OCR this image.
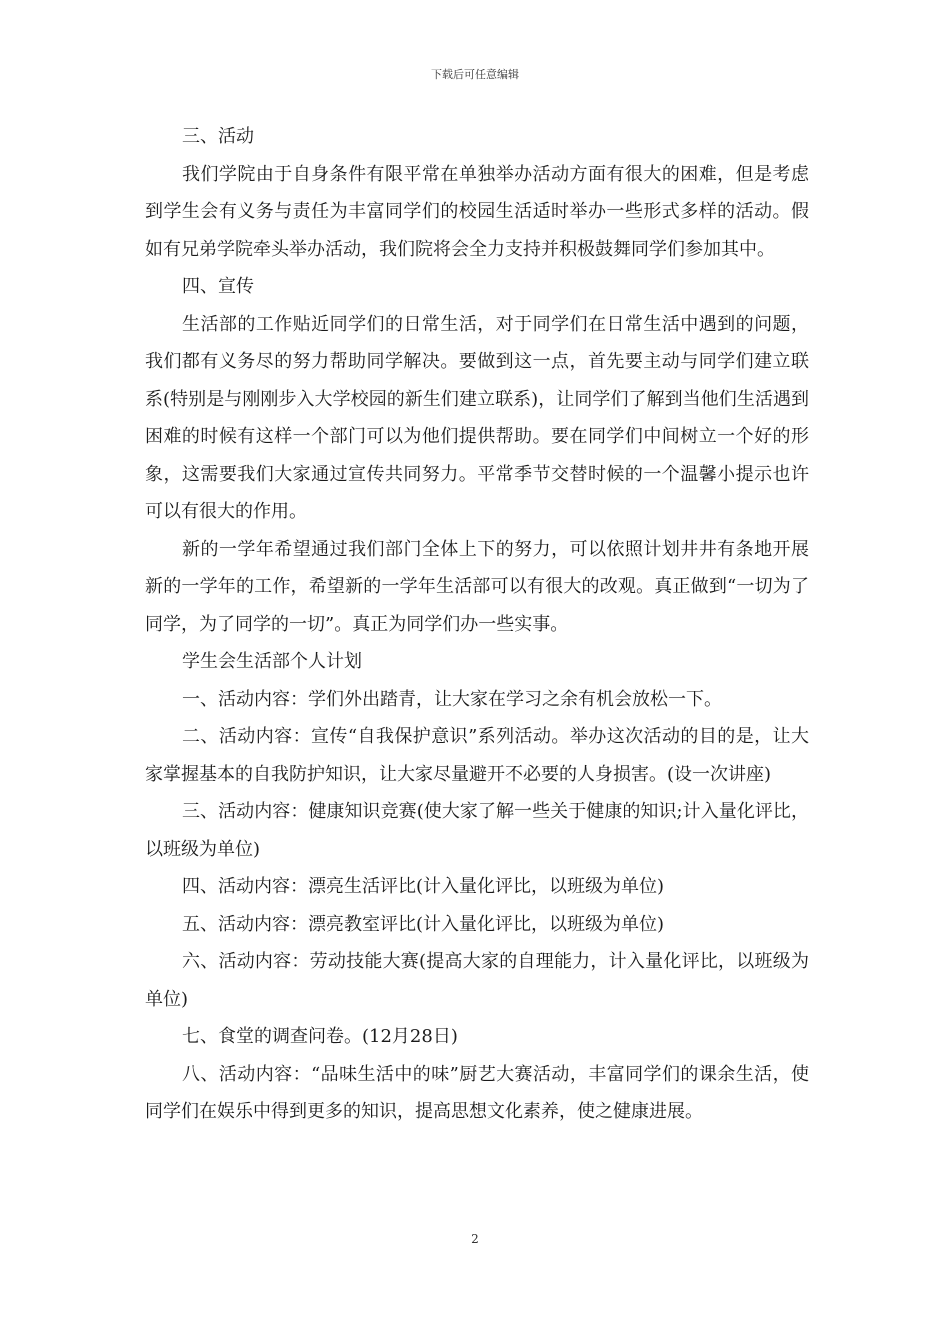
下载后可任意编辑

三、活动

我们学院由于自身条件有限平常在单独举办活动方面有很大的困难，但是考虑到学生会有义务与责任为丰富同学们的校园生活适时举办一些形式多样的活动。假如有兄弟学院牵头举办活动，我们院将会全力支持并积极鼓舞同学们参加其中。

四、宣传

生活部的工作贴近同学们的日常生活，对于同学们在日常生活中遇到的问题，我们都有义务尽的努力帮助同学解决。要做到这一点，首先要主动与同学们建立联系(特别是与刚刚步入大学校园的新生们建立联系)，让同学们了解到当他们生活遇到困难的时候有这样一个部门可以为他们提供帮助。要在同学们中间树立一个好的形象，这需要我们大家通过宣传共同努力。平常季节交替时候的一个温馨小提示也许可以有很大的作用。

新的一学年希望通过我们部门全体上下的努力，可以依照计划井井有条地开展新的一学年的工作，希望新的一学年生活部可以有很大的改观。真正做到“一切为了同学，为了同学的一切”。真正为同学们办一些实事。

学生会生活部个人计划

一、活动内容：学们外出踏青，让大家在学习之余有机会放松一下。

二、活动内容：宣传“自我保护意识”系列活动。举办这次活动的目的是，让大家掌握基本的自我防护知识，让大家尽量避开不必要的人身损害。(设一次讲座)

三、活动内容：健康知识竞赛(使大家了解一些关于健康的知识;计入量化评比，以班级为单位)

四、活动内容：漂亮生活评比(计入量化评比，以班级为单位)

五、活动内容：漂亮教室评比(计入量化评比，以班级为单位)

六、活动内容：劳动技能大赛(提高大家的自理能力，计入量化评比，以班级为单位)

七、食堂的调查问卷。(12月28日)

八、活动内容：“品味生活中的味”厨艺大赛活动，丰富同学们的课余生活，使同学们在娱乐中得到更多的知识，提高思想文化素养，使之健康进展。

2
